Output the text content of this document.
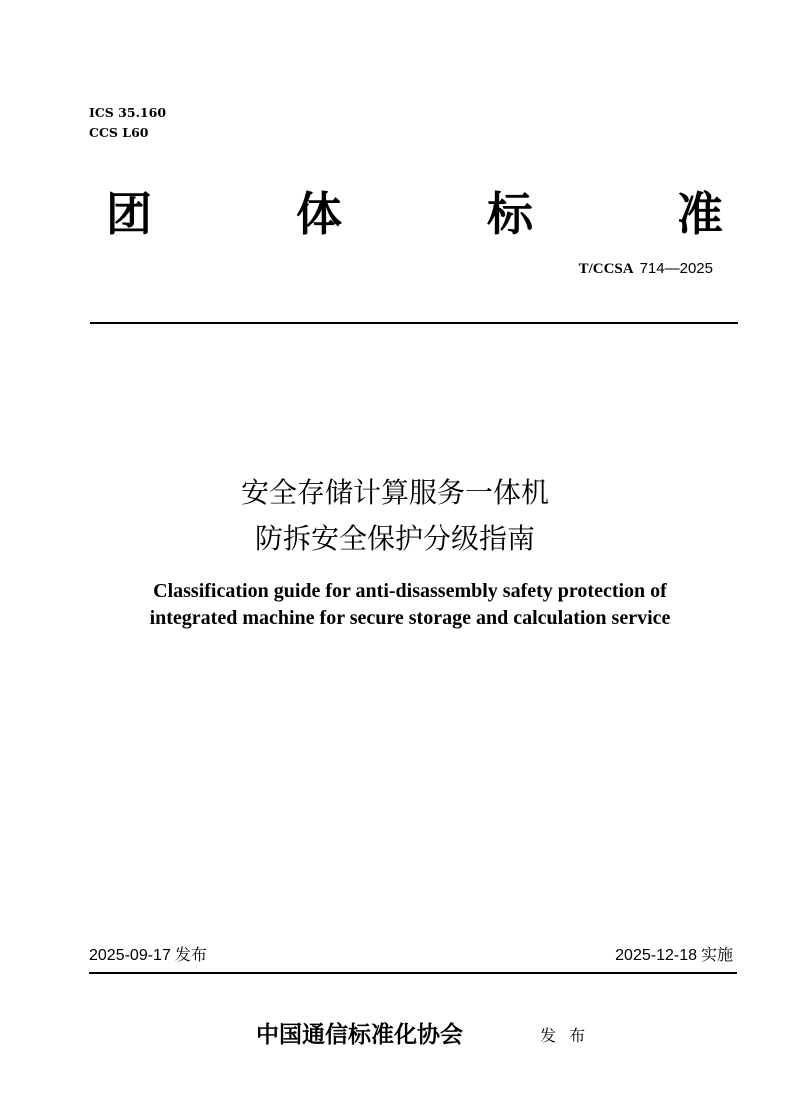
ICS 35.160
CCS L60
团	体	标	准
T/CCSA 714—2025
安全存储计算服务一体机
防拆安全保护分级指南
Classification guide for anti-disassembly safety protection of
integrated machine for secure storage and calculation service
2025-09-17 发布	2025-12-18 实施
中国通信标准化协会	发 布
